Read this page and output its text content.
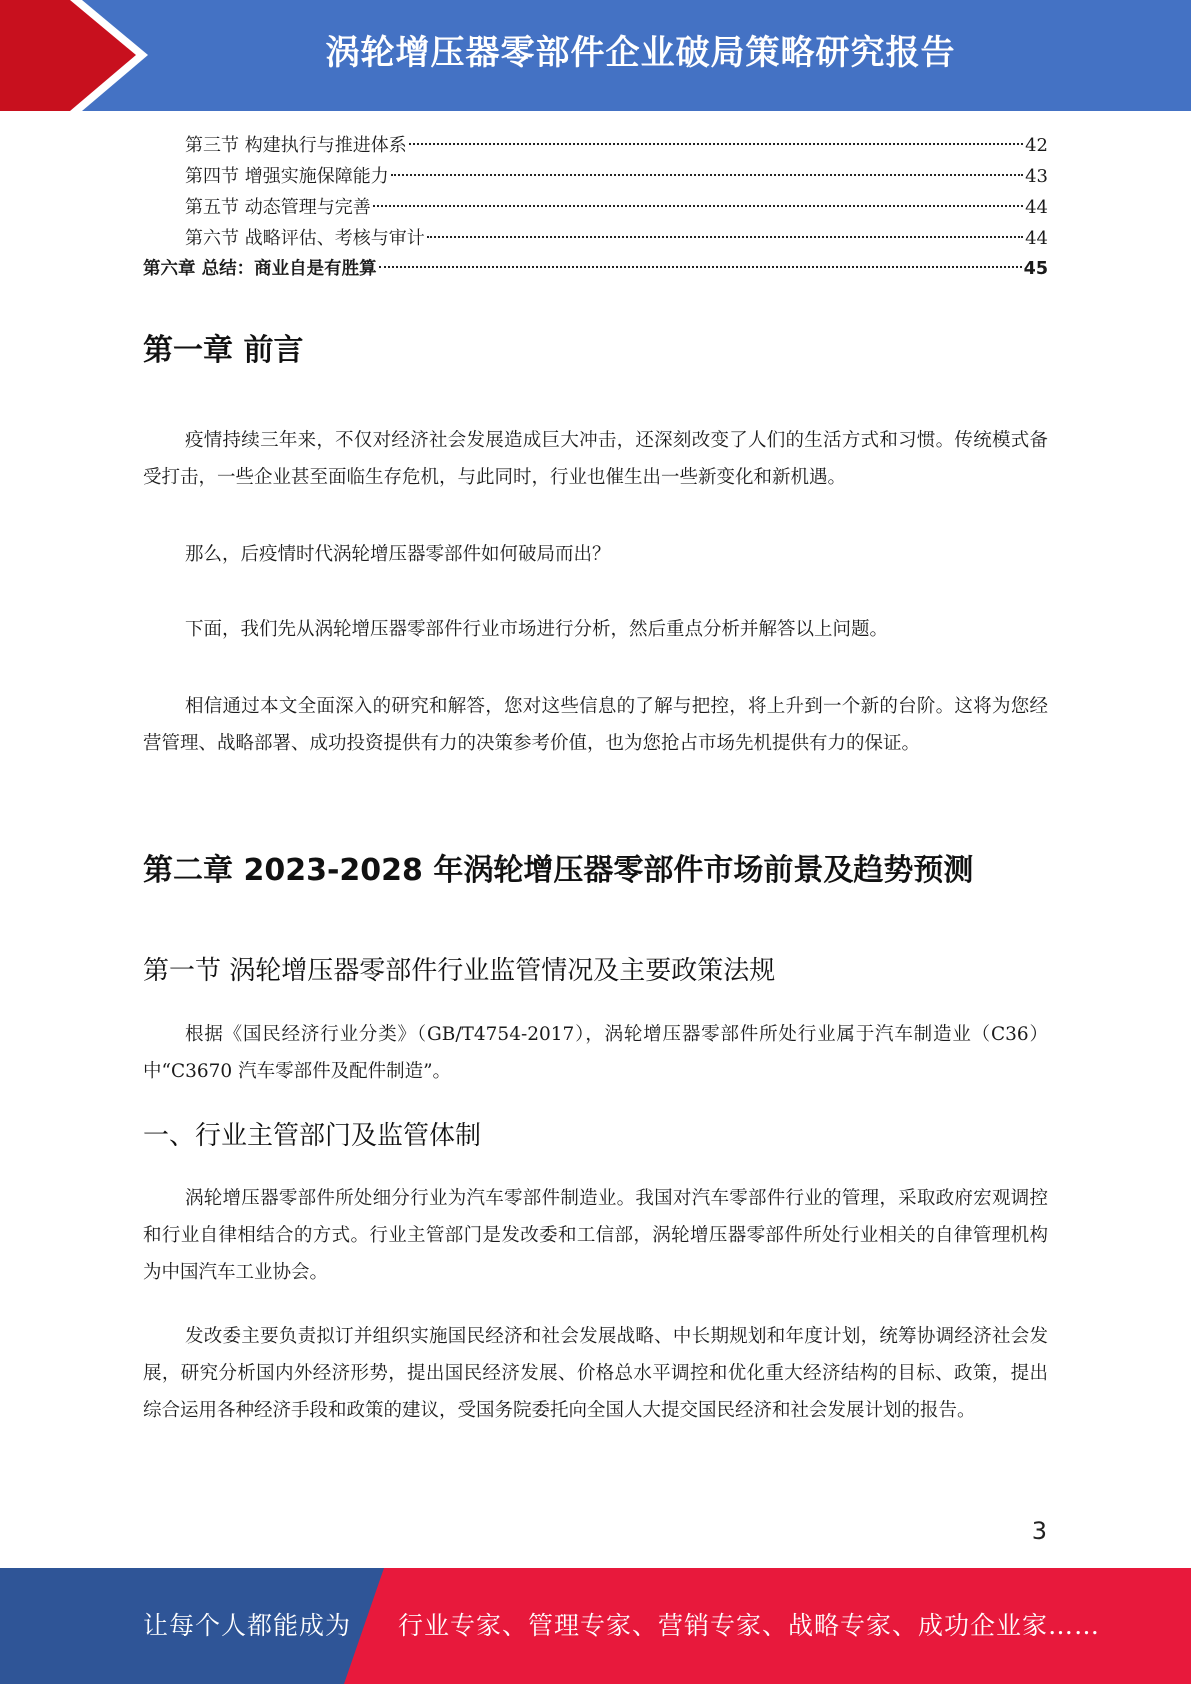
涡轮增压器零部件企业破局策略研究报告
第三节 构建执行与推进体系	42
第四节 增强实施保障能力	43
第五节 动态管理与完善	44
第六节 战略评估、考核与审计	44
第六章 总结：商业自是有胜算	45
第一章 前言

疫情持续三年来，不仅对经济社会发展造成巨大冲击，还深刻改变了人们的生活方式和习惯。传统模式备受打击，一些企业甚至面临生存危机，与此同时，行业也催生出一些新变化和新机遇。

那么，后疫情时代涡轮增压器零部件如何破局而出？

下面，我们先从涡轮增压器零部件行业市场进行分析，然后重点分析并解答以上问题。

相信通过本文全面深入的研究和解答，您对这些信息的了解与把控，将上升到一个新的台阶。这将为您经营管理、战略部署、成功投资提供有力的决策参考价值，也为您抢占市场先机提供有力的保证。

第二章 2023-2028 年涡轮增压器零部件市场前景及趋势预测
第一节 涡轮增压器零部件行业监管情况及主要政策法规

根据《国民经济行业分类》（GB/T4754-2017），涡轮增压器零部件所处行业属于汽车制造业（C36）中“C3670 汽车零部件及配件制造”。

一、行业主管部门及监管体制

涡轮增压器零部件所处细分行业为汽车零部件制造业。我国对汽车零部件行业的管理，采取政府宏观调控和行业自律相结合的方式。行业主管部门是发改委和工信部，涡轮增压器零部件所处行业相关的自律管理机构为中国汽车工业协会。

发改委主要负责拟订并组织实施国民经济和社会发展战略、中长期规划和年度计划，统筹协调经济社会发展，研究分析国内外经济形势，提出国民经济发展、价格总水平调控和优化重大经济结构的目标、政策，提出综合运用各种经济手段和政策的建议，受国务院委托向全国人大提交国民经济和社会发展计划的报告。

3
让每个人都能成为 行业专家、管理专家、营销专家、战略专家、成功企业家……
